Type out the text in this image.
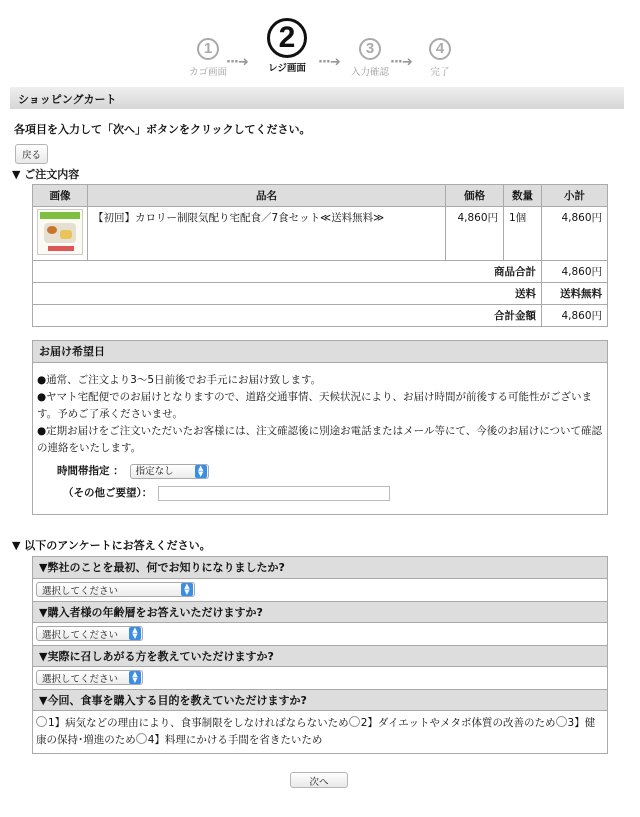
1
カゴ画面
···➜
2
レジ画面 ···➜
3
入力確認
···➜
4
完了
ショッピングカート
各項目を入力して「次へ」ボタンをクリックしてください。
戻る
▼ ご注文内容
画像	品名	価格	数量	小計

	【初回】カロリー制限気配り宅配食／7食セット≪送料無料≫	4,860円	1個	4,860円
商品合計				4,860円
送料				送料無料
合計金額				4,860円
お届け希望日
●通常、ご注文より3～5日前後でお手元にお届け致します。
●ヤマト宅配便でのお届けとなりますので、道路交通事情、天候状況により、お届け時間が前後する可能性がございます。予めご了承くださいませ。
●定期お届けをご注文いただいたお客様には、注文確認後に別途お電話またはメール等にて、今後のお届けについて確認の連絡をいたします。
時間帯指定 ： 指定なし	▲
▼
（その他ご要望）：
▼ 以下のアンケートにお答えください。
▼弊社のことを最初、何でお知りになりましたか?
選択してください	▲
▼
▼購入者様の年齢層をお答えいただけますか?
選択してください	▲
▼
▼実際に召しあがる方を教えていただけますか?
選択してください	▲
▼
▼今回、食事を購入する目的を教えていただけますか?
1】病気などの理由により、食事制限をしなければならないため 2】ダイエットやメタボ体質の改善のため 3】健康の保持･増進のため 4】料理にかける手間を省きたいため
次へ
